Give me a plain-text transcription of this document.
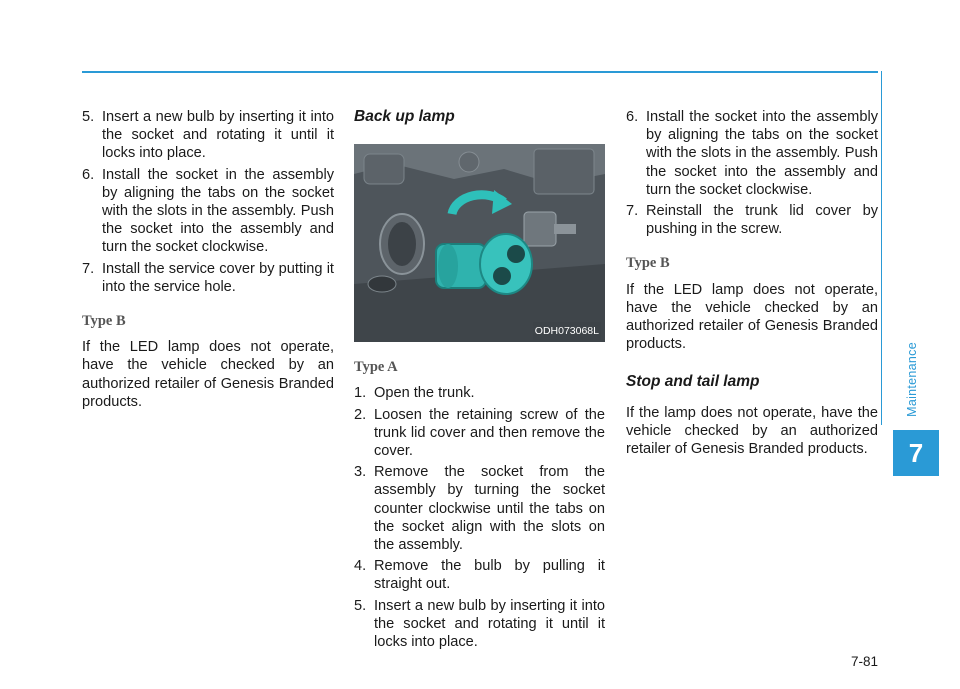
Maintenance
7
5. Insert a new bulb by inserting it into the socket and rotating it until it locks into place.
6. Install the socket in the assembly by aligning the tabs on the socket with the slots in the assembly. Push the socket into the assembly and turn the socket clockwise.
7. Install the service cover by putting it into the service hole.
Type B

If the LED lamp does not operate, have the vehicle checked by an authorized retailer of Genesis Branded products.

Back up lamp
ODH073068L
Type A
1. Open the trunk.
2. Loosen the retaining screw of the trunk lid cover and then remove the cover.
3. Remove the socket from the assembly by turning the socket counter clockwise until the tabs on the socket align with the slots on the assembly.
4. Remove the bulb by pulling it straight out.
5. Insert a new bulb by inserting it into the socket and rotating it until it locks into place.
6. Install the socket into the assembly by aligning the tabs on the socket with the slots in the assembly. Push the socket into the assembly and turn the socket clockwise.
7. Reinstall the trunk lid cover by pushing in the screw.
Type B

If the LED lamp does not operate, have the vehicle checked by an authorized retailer of Genesis Branded products.

Stop and tail lamp

If the lamp does not operate, have the vehicle checked by an authorized retailer of Genesis Branded products.

7-81
